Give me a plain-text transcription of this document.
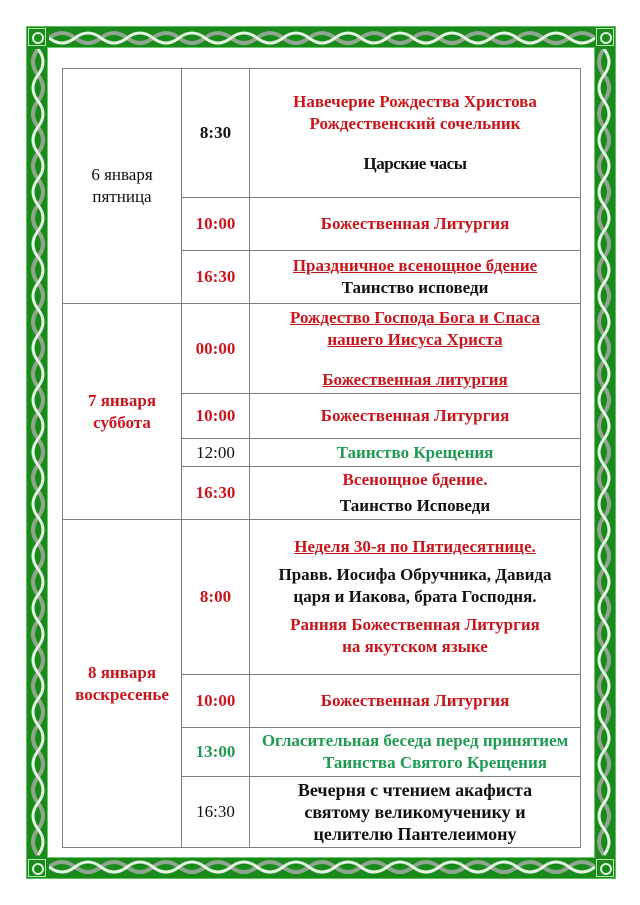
6 января
пятница	8:30	Навечерие Рождества Христова
Рождественский сочельник
Царские часы

	10:00	Божественная Литургия
	16:30	Праздничное всенощное бдение
Таинство исповеди

7 января
суббота	00:00	Рождество Господа Бога и Спаса
нашего Иисуса Христа
Божественная литургия

	10:00	Божественная Литургия
	12:00	Таинство Крещения
	16:30	Всенощное бдение.
Таинство Исповеди

8 января
воскресенье	8:00	Неделя 30-я по Пятидесятнице.
Правв. Иосифа Обручника, Давида
царя и Иакова, брата Господня.
Ранняя Божественная Литургия
на якутском языке

	10:00	Божественная Литургия
	13:00	Огласительная беседа перед принятием
Таинства Святого Крещения

	16:30	Вечерня с чтением акафиста
святому великомученику и
целителю Пантелеимону
